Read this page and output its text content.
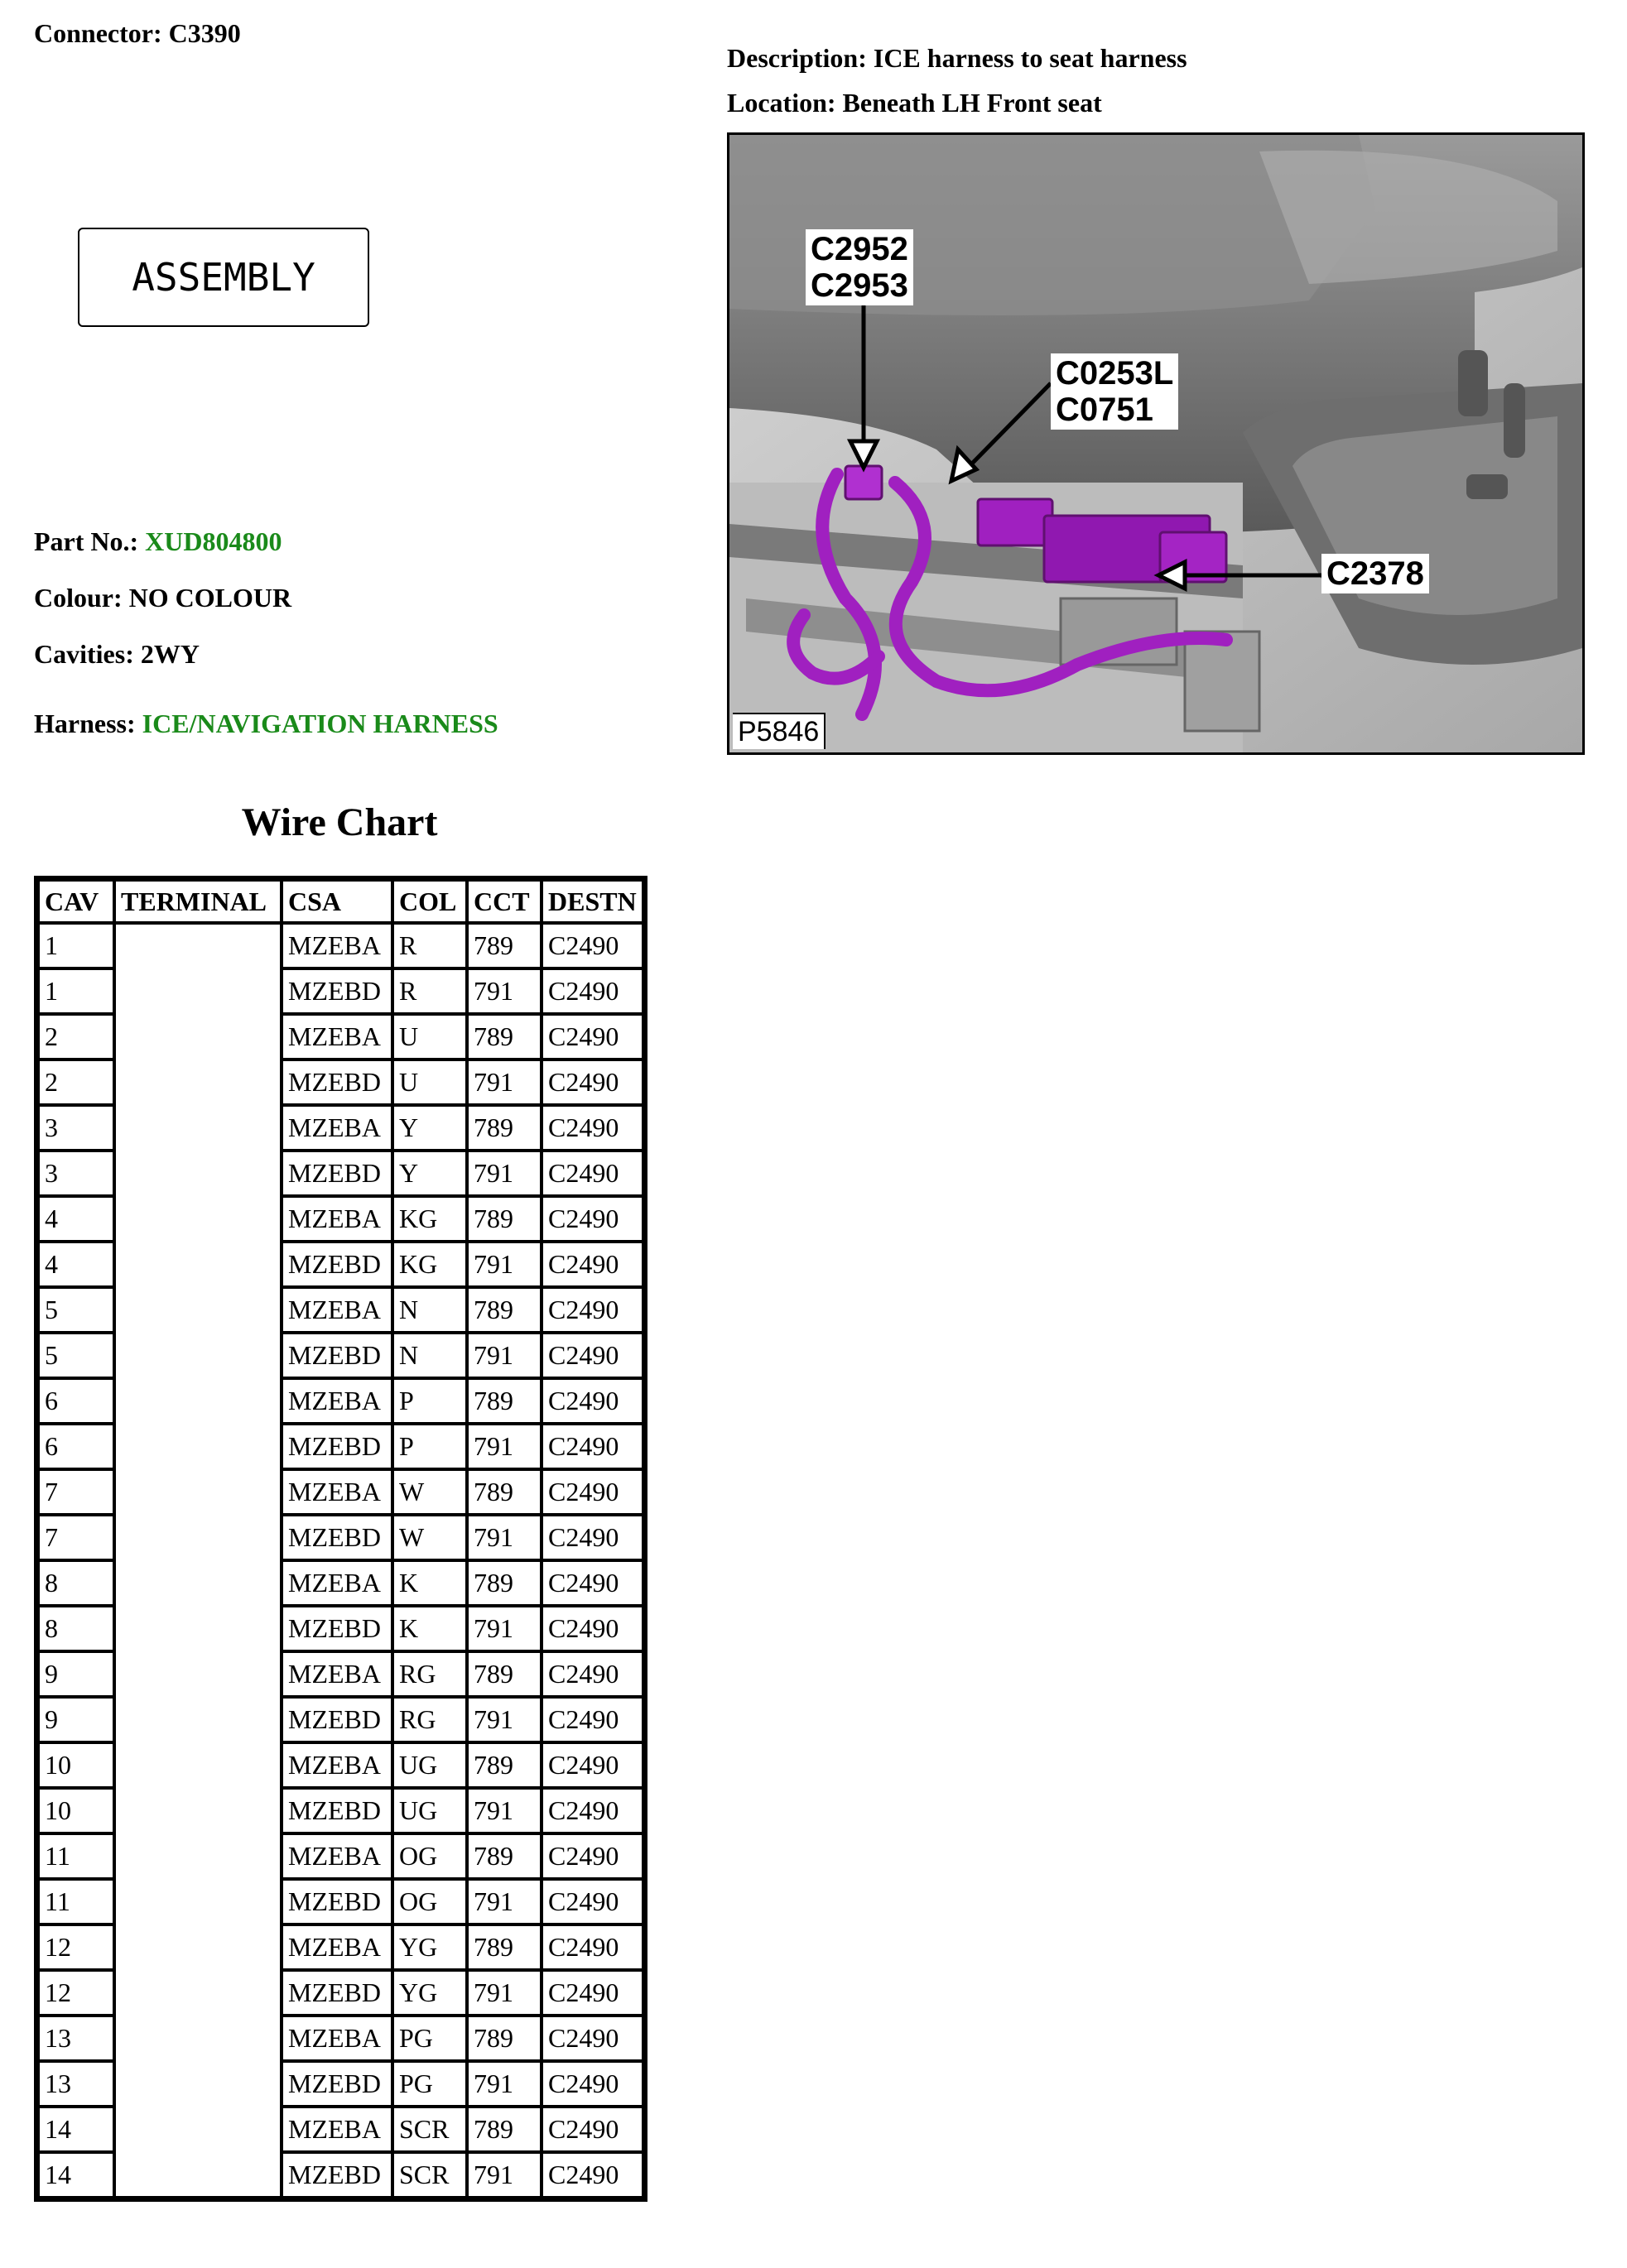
Connector: C3390
Description: ICE harness to seat harness
Location: Beneath LH Front seat
ASSEMBLY
Part No.: XUD804800
Colour: NO COLOUR
Cavities: 2WY
Harness: ICE/NAVIGATION HARNESS
C2952
C2953
C0253L
C0751
C2378
P5846
Wire Chart
CAV	TERMINAL	CSA	COL	CCT	DESTN
1		MZEBA	R	789	C2490
1		MZEBD	R	791	C2490
2		MZEBA	U	789	C2490
2		MZEBD	U	791	C2490
3		MZEBA	Y	789	C2490
3		MZEBD	Y	791	C2490
4		MZEBA	KG	789	C2490
4		MZEBD	KG	791	C2490
5		MZEBA	N	789	C2490
5		MZEBD	N	791	C2490
6		MZEBA	P	789	C2490
6		MZEBD	P	791	C2490
7		MZEBA	W	789	C2490
7		MZEBD	W	791	C2490
8		MZEBA	K	789	C2490
8		MZEBD	K	791	C2490
9		MZEBA	RG	789	C2490
9		MZEBD	RG	791	C2490
10		MZEBA	UG	789	C2490
10		MZEBD	UG	791	C2490
11		MZEBA	OG	789	C2490
11		MZEBD	OG	791	C2490
12		MZEBA	YG	789	C2490
12		MZEBD	YG	791	C2490
13		MZEBA	PG	789	C2490
13		MZEBD	PG	791	C2490
14		MZEBA	SCR	789	C2490
14		MZEBD	SCR	791	C2490
